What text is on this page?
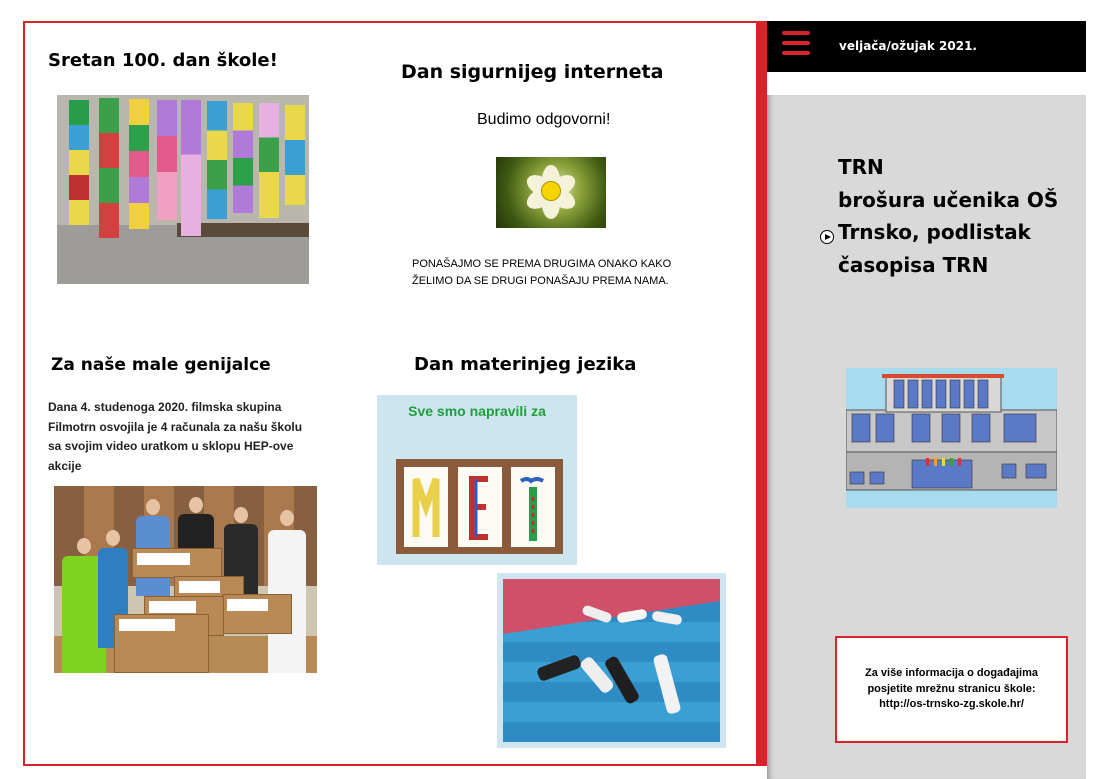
Sretan 100. dan škole!
Dan sigurnijeg interneta
Budimo odgovorni!
PONAŠAJMO SE PREMA DRUGIMA ONAKO KAKO ŽELIMO DA SE DRUGI PONAŠAJU PREMA NAMA.
Za naše male genijalce
Dana 4. studenoga 2020. filmska skupina Filmotrn osvojila je 4 računala za našu školu sa svojim video uratkom u sklopu HEP-ove akcije
Dan materinjeg jezika
Sve smo napravili za
veljača/ožujak 2021.
TRN
brošura učenika OŠ Trnsko, podlistak časopisa TRN
Za više informacija o događajima posjetite mrežnu stranicu škole: http://os-trnsko-zg.skole.hr/
